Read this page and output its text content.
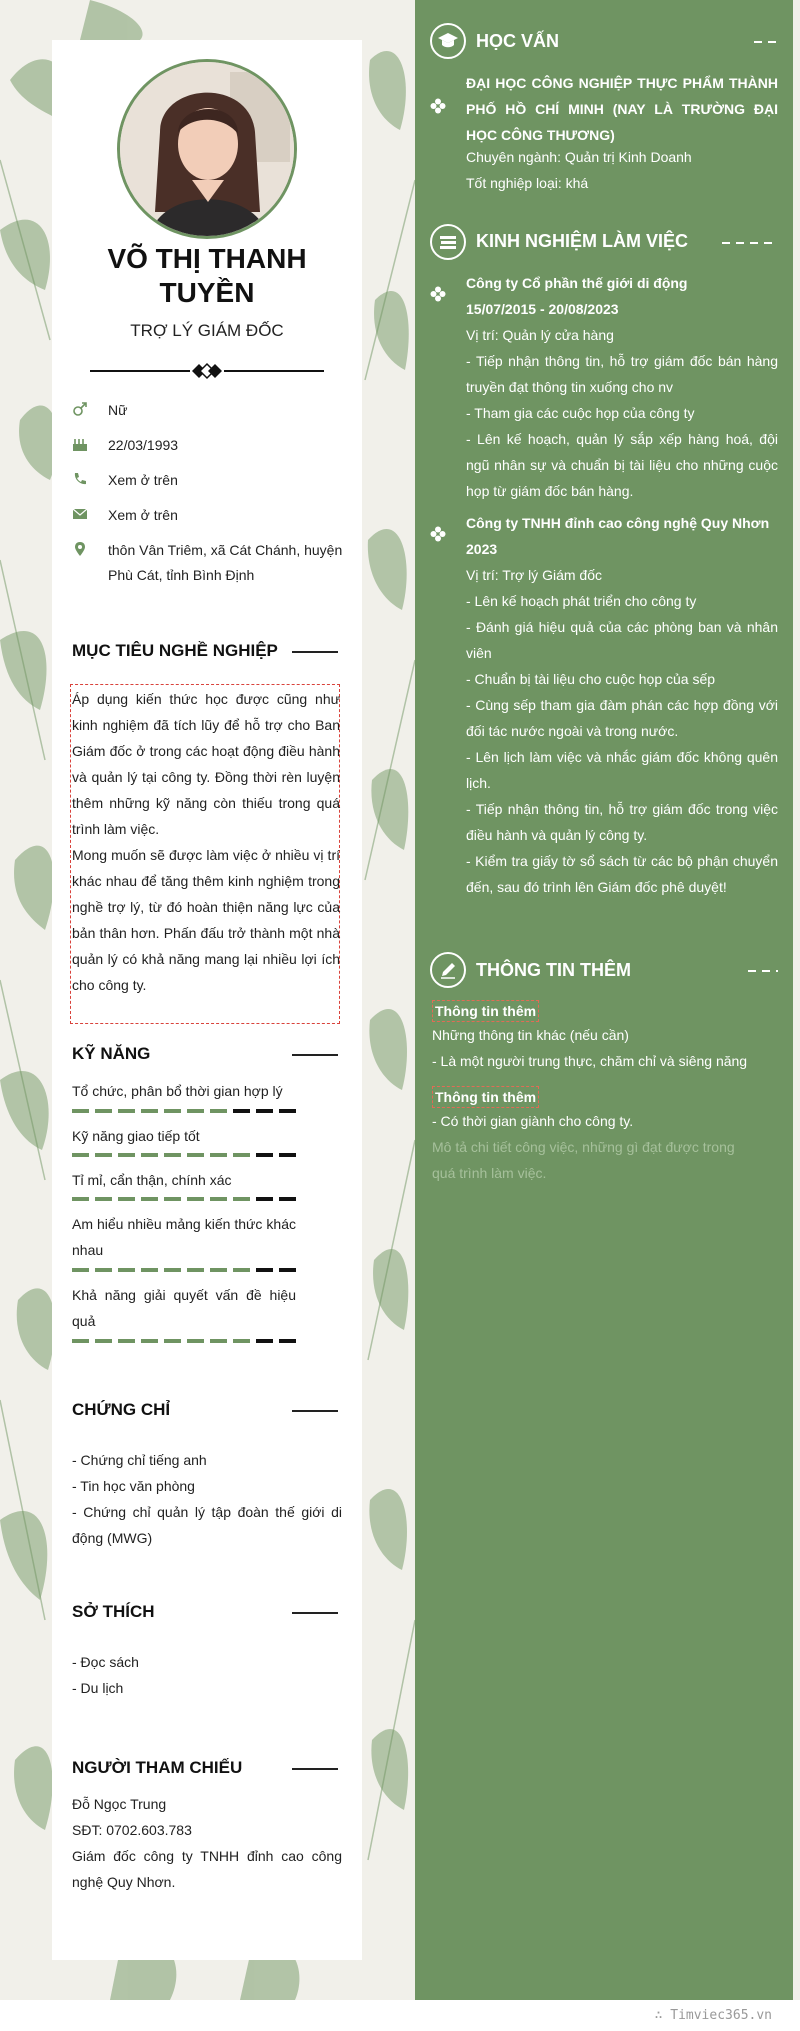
VÕ THỊ THANH TUYỀN
TRỢ LÝ GIÁM ĐỐC
Nữ
22/03/1993
Xem ở trên
Xem ở trên
thôn Vân Triêm, xã Cát Chánh, huyện Phù Cát, tỉnh Bình Định
MỤC TIÊU NGHỀ NGHIỆP
Áp dụng kiến thức học được cũng như kinh nghiệm đã tích lũy để hỗ trợ cho Ban Giám đốc ở trong các hoạt động điều hành và quản lý tại công ty. Đồng thời rèn luyện thêm những kỹ năng còn thiếu trong quá trình làm việc.
Mong muốn sẽ được làm việc ở nhiều vị trí khác nhau để tăng thêm kinh nghiệm trong nghề trợ lý, từ đó hoàn thiện năng lực của bản thân hơn. Phấn đấu trở thành một nhà quản lý có khả năng mang lại nhiều lợi ích cho công ty.
KỸ NĂNG
Tổ chức, phân bổ thời gian hợp lý
Kỹ năng giao tiếp tốt
Tỉ mỉ, cẩn thận, chính xác
Am hiểu nhiều mảng kiến thức khác nhau
Khả năng giải quyết vấn đề hiệu quả
CHỨNG CHỈ
- Chứng chỉ tiếng anh
- Tin học văn phòng
- Chứng chỉ quản lý tập đoàn thế giới di động (MWG)
SỞ THÍCH
- Đọc sách
- Du lịch
NGƯỜI THAM CHIẾU
Đỗ Ngọc Trung
SĐT: 0702.603.783
Giám đốc công ty TNHH đỉnh cao công nghệ Quy Nhơn.
HỌC VẤN
ĐẠI HỌC CÔNG NGHIỆP THỰC PHẨM THÀNH PHỐ HỒ CHÍ MINH (NAY LÀ TRƯỜNG ĐẠI HỌC CÔNG THƯƠNG)
Chuyên ngành: Quản trị Kinh Doanh
Tốt nghiệp loại: khá
KINH NGHIỆM LÀM VIỆC
Công ty Cổ phần thế giới di động
15/07/2015 - 20/08/2023
Vị trí: Quản lý cửa hàng
- Tiếp nhận thông tin, hỗ trợ giám đốc bán hàng truyền đạt thông tin xuống cho nv
- Tham gia các cuộc họp của công ty
- Lên kế hoạch, quản lý sắp xếp hàng hoá, đội ngũ nhân sự và chuẩn bị tài liệu cho những cuộc họp từ giám đốc bán hàng.
Công ty TNHH đỉnh cao công nghệ Quy Nhơn
2023
Vị trí: Trợ lý Giám đốc
- Lên kế hoạch phát triển cho công ty
- Đánh giá hiệu quả của các phòng ban và nhân viên
- Chuẩn bị tài liệu cho cuộc họp của sếp
- Cùng sếp tham gia đàm phán các hợp đồng với đối tác nước ngoài và trong nước.
- Lên lịch làm việc và nhắc giám đốc không quên lịch.
- Tiếp nhận thông tin, hỗ trợ giám đốc trong việc điều hành và quản lý công ty.
- Kiểm tra giấy tờ sổ sách từ các bộ phận chuyển đến, sau đó trình lên Giám đốc phê duyệt!
THÔNG TIN THÊM
Thông tin thêm
Những thông tin khác (nếu cần)
- Là một người trung thực, chăm chỉ và siêng năng
Thông tin thêm
- Có thời gian giành cho công ty.
Mô tả chi tiết công việc, những gì đạt được trong quá trình làm việc.
∴ Timviec365.vn
